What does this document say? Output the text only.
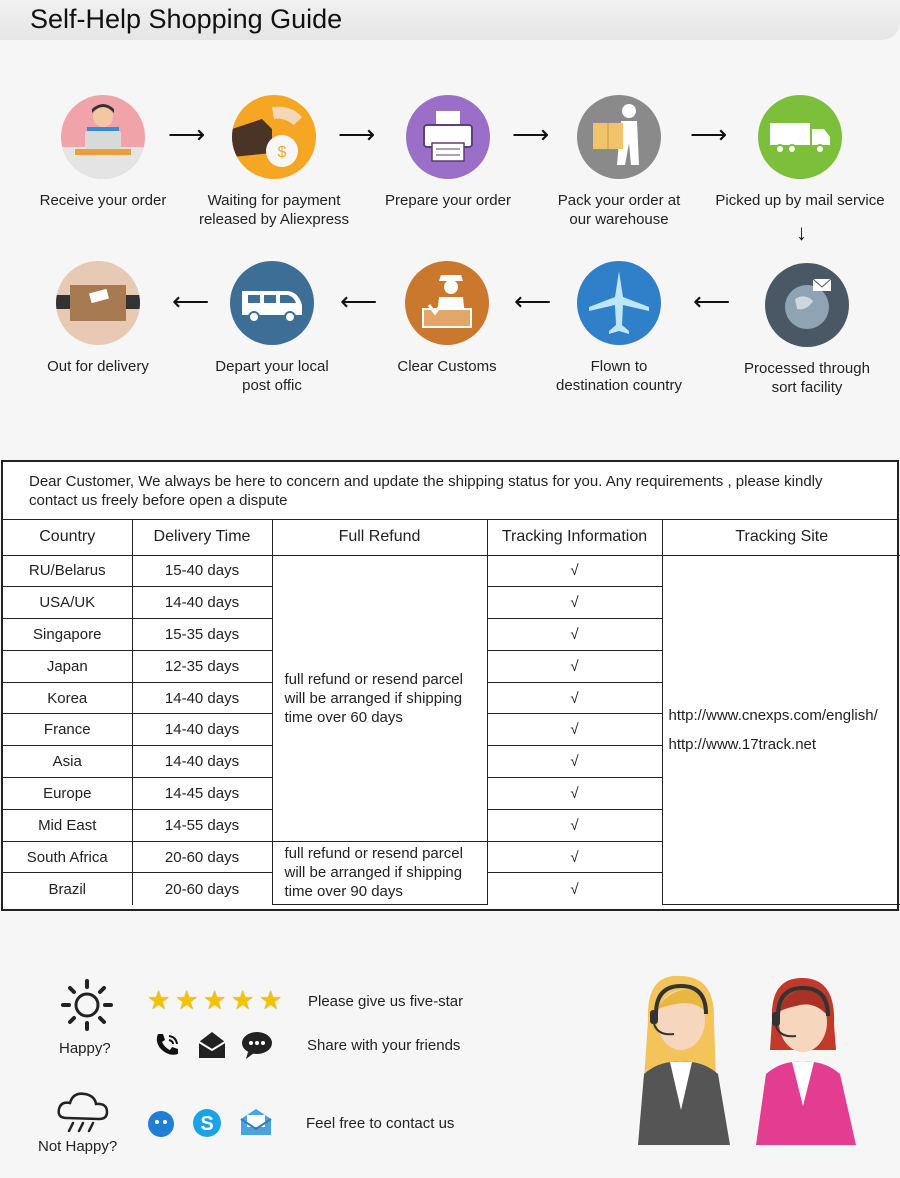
Self-Help Shopping Guide
Receive your order
⟶
$
Waiting for payment
released by Aliexpress
⟶
Prepare your order
⟶
Pack your order at
our warehouse
⟶
Picked up by mail service
↓
Processed through
sort facility
⟵
Flown to
destination country
⟵
Clear Customs
⟵
Depart your local
post offic
⟵
Out for delivery
Dear Customer, We always be here to concern and update the shipping status for you. Any requirements , please kindly contact us freely before open a dispute
Country	Delivery Time	Full Refund	Tracking Information	Tracking Site
RU/Belarus	15-40 days	full refund or resend parcel will be arranged if shipping time over 60 days	√	http://www.cnexps.com/english/
http://www.17track.net

USA/UK	14-40 days		√	
Singapore	15-35 days		√	
Japan	12-35 days		√	
Korea	14-40 days		√	
France	14-40 days		√	
Asia	14-40 days		√	
Europe	14-45 days		√	
Mid East	14-55 days		√	
South Africa	20-60 days	full refund or resend parcel will be arranged if shipping time over 90 days	√	
Brazil	20-60 days		√	
Happy?
★ ★ ★ ★ ★ Please give us five-star
Share with your friends
Not Happy?
S	Feel free to contact us
